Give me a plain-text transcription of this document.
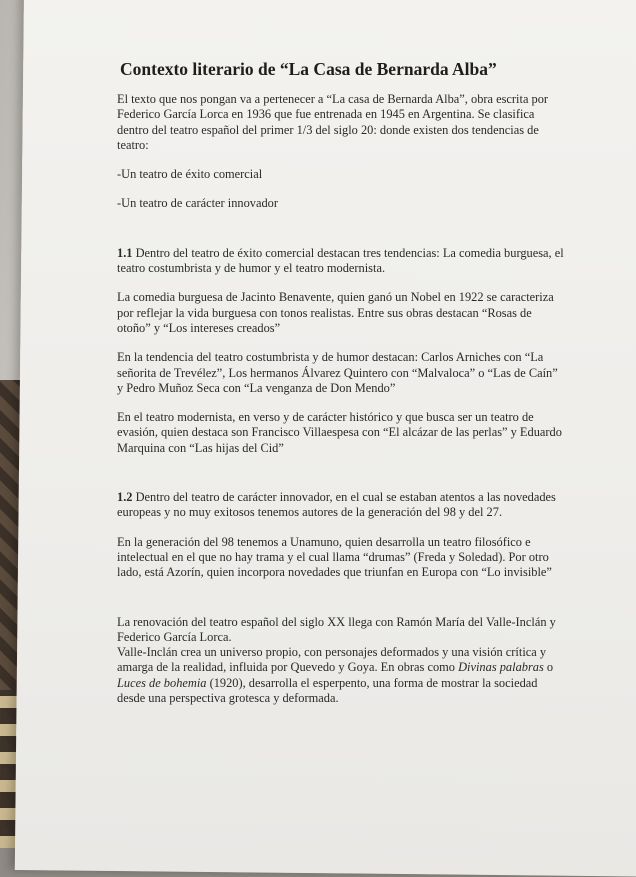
Contexto literario de “La Casa de Bernarda Alba”

El texto que nos pongan va a pertenecer a “La casa de Bernarda Alba”, obra escrita por Federico García Lorca en 1936 que fue entrenada en 1945 en Argentina. Se clasifica dentro del teatro español del primer 1/3 del siglo 20: donde existen dos tendencias de teatro:

-Un teatro de éxito comercial

-Un teatro de carácter innovador

1.1 Dentro del teatro de éxito comercial destacan tres tendencias: La comedia burguesa, el teatro costumbrista y de humor y el teatro modernista.

La comedia burguesa de Jacinto Benavente, quien ganó un Nobel en 1922 se caracteriza por reflejar la vida burguesa con tonos realistas. Entre sus obras destacan “Rosas de otoño” y “Los intereses creados”

En la tendencia del teatro costumbrista y de humor destacan: Carlos Arniches con “La señorita de Trevélez”, Los hermanos Álvarez Quintero con “Malvaloca” o “Las de Caín” y Pedro Muñoz Seca con “La venganza de Don Mendo”

En el teatro modernista, en verso y de carácter histórico y que busca ser un teatro de evasión, quien destaca son Francisco Villaespesa con “El alcázar de las perlas” y Eduardo Marquina con “Las hijas del Cid”

1.2 Dentro del teatro de carácter innovador, en el cual se estaban atentos a las novedades europeas y no muy exitosos tenemos autores de la generación del 98 y del 27.

En la generación del 98 tenemos a Unamuno, quien desarrolla un teatro filosófico e intelectual en el que no hay trama y el cual llama “drumas” (Freda y Soledad). Por otro lado, está Azorín, quien incorpora novedades que triunfan en Europa con “Lo invisible”

La renovación del teatro español del siglo XX llega con Ramón María del Valle-Inclán y Federico García Lorca.

Valle-Inclán crea un universo propio, con personajes deformados y una visión crítica y amarga de la realidad, influida por Quevedo y Goya. En obras como Divinas palabras o Luces de bohemia (1920), desarrolla el esperpento, una forma de mostrar la sociedad desde una perspectiva grotesca y deformada.
